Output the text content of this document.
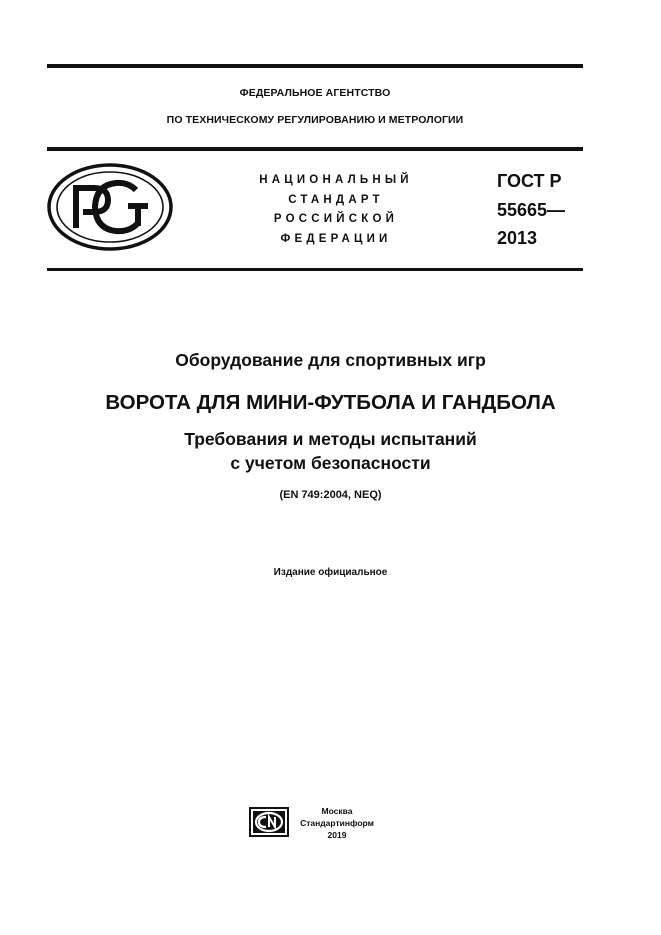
ФЕДЕРАЛЬНОЕ АГЕНТСТВО
ПО ТЕХНИЧЕСКОМУ РЕГУЛИРОВАНИЮ И МЕТРОЛОГИИ
НАЦИОНАЛЬНЫЙ
СТАНДАРТ
РОССИЙСКОЙ
ФЕДЕРАЦИИ
ГОСТ Р
55665—
2013
Оборудование для спортивных игр
ВОРОТА ДЛЯ МИНИ-ФУТБОЛА И ГАНДБОЛА
Требования и методы испытаний
с учетом безопасности
(EN 749:2004, NEQ)
Издание официальное
Москва
Стандартинформ
2019
